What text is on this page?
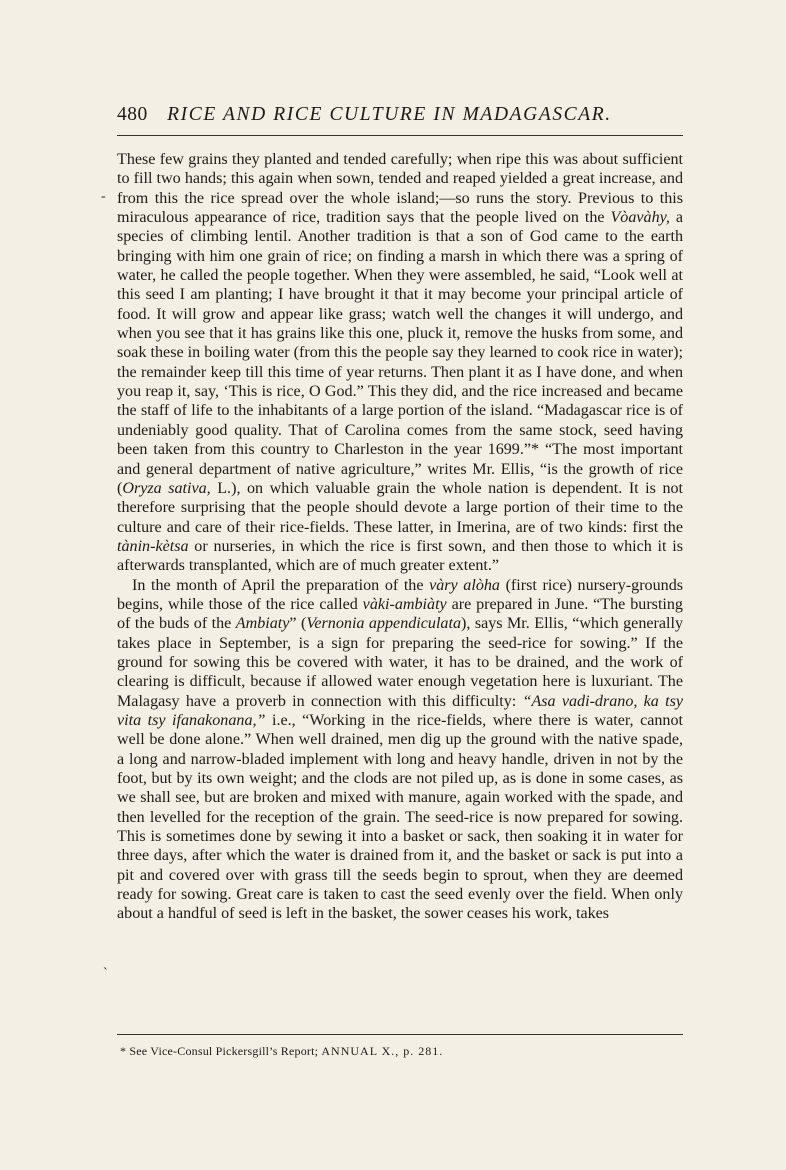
480 RICE AND RICE CULTURE IN MADAGASCAR.
-
`

These few grains they planted and tended carefully; when ripe this was about sufficient to fill two hands; this again when sown, tended and reaped yielded a great increase, and from this the rice spread over the whole island;—so runs the story. Previous to this miraculous appearance of rice, tradition says that the people lived on the Vòavàhy, a species of climbing lentil. Another tradition is that a son of God came to the earth bringing with him one grain of rice; on finding a marsh in which there was a spring of water, he called the people together. When they were assembled, he said, “Look well at this seed I am planting; I have brought it that it may become your principal article of food. It will grow and appear like grass; watch well the changes it will undergo, and when you see that it has grains like this one, pluck it, remove the husks from some, and soak these in boiling water (from this the people say they learned to cook rice in water); the remainder keep till this time of year returns. Then plant it as I have done, and when you reap it, say, ‘This is rice, O God.” This they did, and the rice increased and became the staff of life to the inhabitants of a large portion of the island. “Madagascar rice is of undeniably good quality. That of Carolina comes from the same stock, seed having been taken from this country to Charleston in the year 1699.”* “The most important and general department of native agriculture,” writes Mr. Ellis, “is the growth of rice (Oryza sativa, L.), on which valuable grain the whole nation is dependent. It is not therefore surprising that the people should devote a large portion of their time to the culture and care of their rice-fields. These latter, in Imerina, are of two kinds: first the tànin-kètsa or nurseries, in which the rice is first sown, and then those to which it is afterwards transplanted, which are of much greater extent.”

In the month of April the preparation of the vàry alòha (first rice) nursery-grounds begins, while those of the rice called vàki-ambiàty are prepared in June. “The bursting of the buds of the Ambiaty” (Vernonia appendiculata), says Mr. Ellis, “which generally takes place in September, is a sign for preparing the seed-rice for sowing.” If the ground for sowing this be covered with water, it has to be drained, and the work of clearing is difficult, because if allowed water enough vegetation here is luxuriant. The Malagasy have a proverb in connection with this difficulty: “Asa vadi-drano, ka tsy vita tsy ifanakonana,” i.e., “Working in the rice-fields, where there is water, cannot well be done alone.” When well drained, men dig up the ground with the native spade, a long and narrow-bladed implement with long and heavy handle, driven in not by the foot, but by its own weight; and the clods are not piled up, as is done in some cases, as we shall see, but are broken and mixed with manure, again worked with the spade, and then levelled for the reception of the grain. The seed-rice is now prepared for sowing. This is sometimes done by sewing it into a basket or sack, then soaking it in water for three days, after which the water is drained from it, and the basket or sack is put into a pit and covered over with grass till the seeds begin to sprout, when they are deemed ready for sowing. Great care is taken to cast the seed evenly over the field. When only about a handful of seed is left in the basket, the sower ceases his work, takes

* See Vice-Consul Pickersgill’s Report; ANNUAL X., p. 281.
